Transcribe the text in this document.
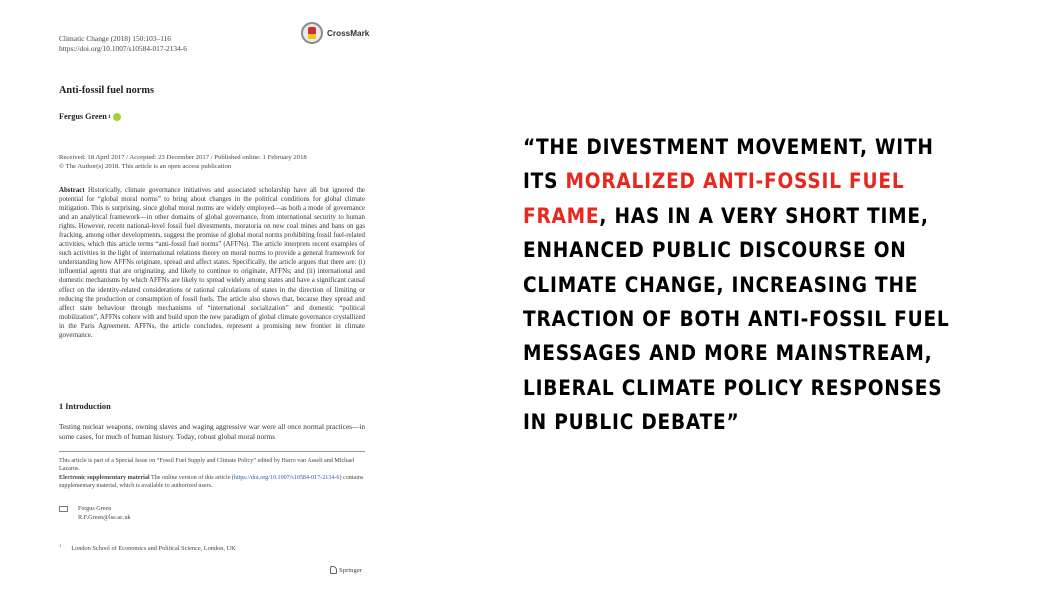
Climatic Change (2018) 150:103–116
https://doi.org/10.1007/s10584-017-2134-6
CrossMark
Anti-fossil fuel norms
Fergus Green 1
Received: 18 April 2017 / Accepted: 23 December 2017 / Published online: 1 February 2018
© The Author(s) 2018. This article is an open access publication
Abstract Historically, climate governance initiatives and associated scholarship have all but ignored the potential for “global moral norms” to bring about changes in the political conditions for global climate mitigation. This is surprising, since global moral norms are widely employed—as both a mode of governance and an analytical framework—in other domains of global governance, from international security to human rights. However, recent national-level fossil fuel divestments, moratoria on new coal mines and bans on gas fracking, among other developments, suggest the promise of global moral norms prohibiting fossil fuel-related activities, which this article terms “anti-fossil fuel norms” (AFFNs). The article interprets recent examples of such activities in the light of international relations theory on moral norms to provide a general framework for understanding how AFFNs originate, spread and affect states. Specifically, the article argues that there are: (i) influential agents that are originating, and likely to continue to originate, AFFNs; and (ii) international and domestic mechanisms by which AFFNs are likely to spread widely among states and have a significant causal effect on the identity-related considerations or rational calculations of states in the direction of limiting or reducing the production or consumption of fossil fuels. The article also shows that, because they spread and affect state behaviour through mechanisms of “international socialization” and domestic “political mobilization”, AFFNs cohere with and build upon the new paradigm of global climate governance crystallized in the Paris Agreement. AFFNs, the article concludes, represent a promising new frontier in climate governance.
1 Introduction
Testing nuclear weapons, owning slaves and waging aggressive war were all once normal practices—in some cases, for much of human history. Today, robust global moral norms
This article is part of a Special Issue on “Fossil Fuel Supply and Climate Policy” edited by Harro van Asselt and Michael Lazarus.
Electronic supplementary material The online version of this article (https://doi.org/10.1007/s10584-017-2134-6) contains supplementary material, which is available to authorized users.
Fergus Green
R.F.Green@lse.ac.uk
$^1$ London School of Economics and Political Science, London, UK
Springer

“THE DIVESTMENT MOVEMENT, WITH
ITS MORALIZED ANTI-FOSSIL FUEL
FRAME, HAS IN A VERY SHORT TIME,
ENHANCED PUBLIC DISCOURSE ON
CLIMATE CHANGE, INCREASING THE
TRACTION OF BOTH ANTI-FOSSIL FUEL
MESSAGES AND MORE MAINSTREAM,
LIBERAL CLIMATE POLICY RESPONSES
IN PUBLIC DEBATE”
